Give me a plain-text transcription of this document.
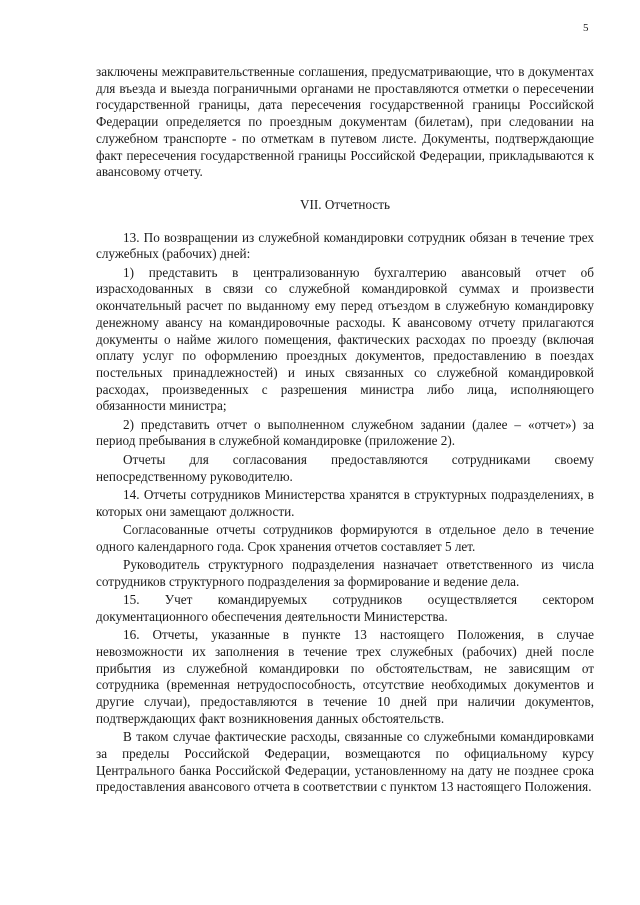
5

заключены межправительственные соглашения, предусматривающие, что в документах для въезда и выезда пограничными органами не проставляются отметки о пересечении государственной границы, дата пересечения государственной границы Российской Федерации определяется по проездным документам (билетам), при следовании на служебном транспорте - по отметкам в путевом листе. Документы, подтверждающие факт пересечения государственной границы Российской Федерации, прикладываются к авансовому отчету.

VII. Отчетность

13. По возвращении из служебной командировки сотрудник обязан в течение трех служебных (рабочих) дней:

1) представить в централизованную бухгалтерию авансовый отчет об израсходованных в связи со служебной командировкой суммах и произвести окончательный расчет по выданному ему перед отъездом в служебную командировку денежному авансу на командировочные расходы. К авансовому отчету прилагаются документы о найме жилого помещения, фактических расходах по проезду (включая оплату услуг по оформлению проездных документов, предоставлению в поездах постельных принадлежностей) и иных связанных со служебной командировкой расходах, произведенных с разрешения министра либо лица, исполняющего обязанности министра;

2) представить отчет о выполненном служебном задании (далее – «отчет») за период пребывания в служебной командировке (приложение 2).

Отчеты для согласования предоставляются сотрудниками своему непосредственному руководителю.

14. Отчеты сотрудников Министерства хранятся в структурных подразделениях, в которых они замещают должности.

Согласованные отчеты сотрудников формируются в отдельное дело в течение одного календарного года. Срок хранения отчетов составляет 5 лет.

Руководитель структурного подразделения назначает ответственного из числа сотрудников структурного подразделения за формирование и ведение дела.

15. Учет командируемых сотрудников осуществляется сектором документационного обеспечения деятельности Министерства.

16. Отчеты, указанные в пункте 13 настоящего Положения, в случае невозможности их заполнения в течение трех служебных (рабочих) дней после прибытия из служебной командировки по обстоятельствам, не зависящим от сотрудника (временная нетрудоспособность, отсутствие необходимых документов и другие случаи), предоставляются в течение 10 дней при наличии документов, подтверждающих факт возникновения данных обстоятельств.

В таком случае фактические расходы, связанные со служебными командировками за пределы Российской Федерации, возмещаются по официальному курсу Центрального банка Российской Федерации, установленному на дату не позднее срока предоставления авансового отчета в соответствии с пунктом 13 настоящего Положения.
